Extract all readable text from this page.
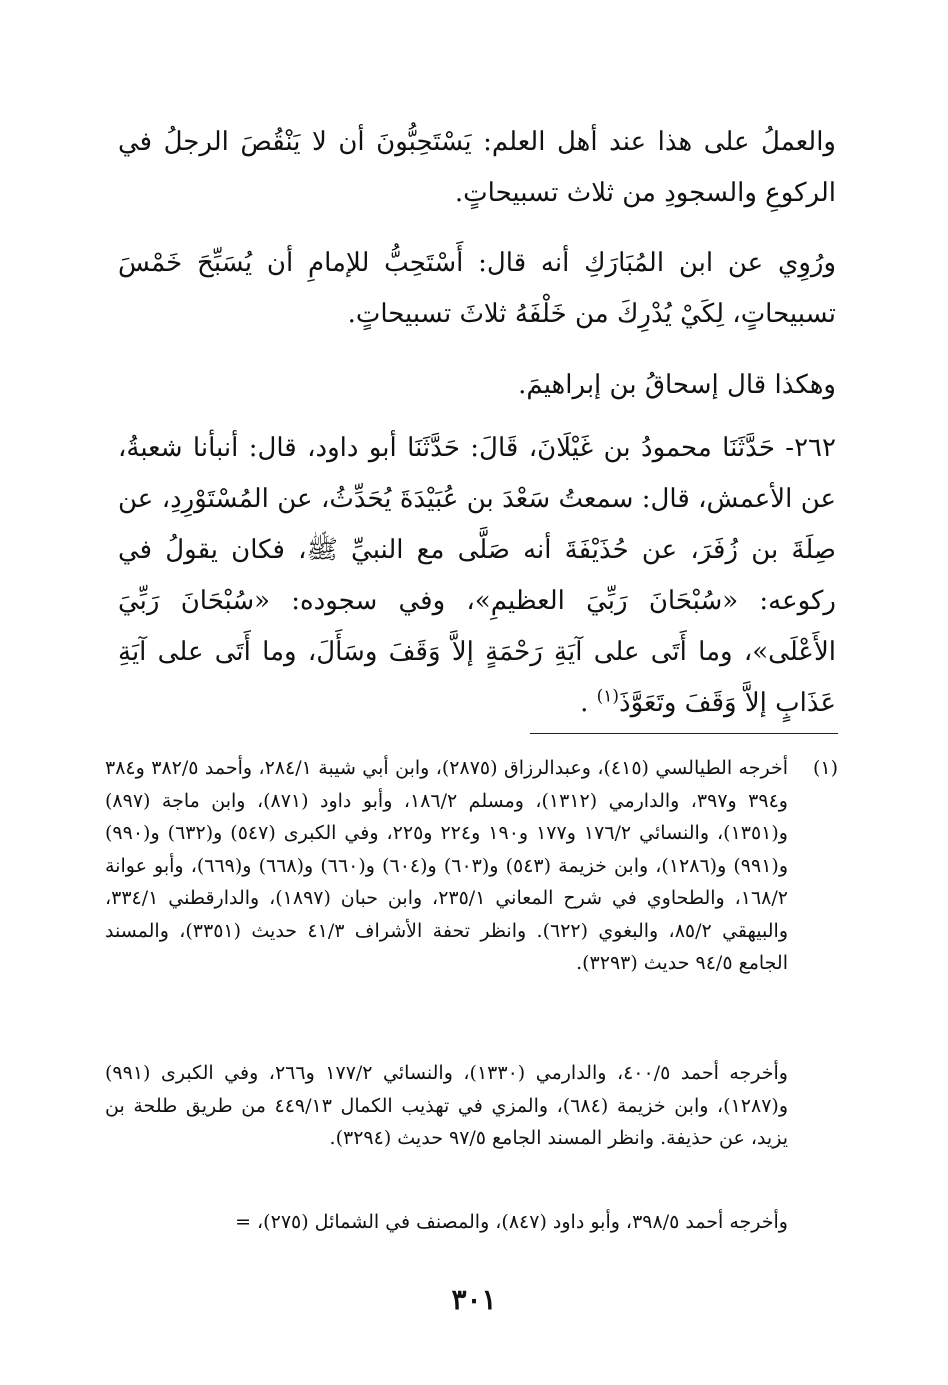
والعملُ على هذا عند أهل العلم: يَسْتَحِبُّونَ أن لا يَنْقُصَ الرجلُ في الركوعِ والسجودِ من ثلاث تسبيحاتٍ.

ورُوِي عن ابن المُبَارَكِ أنه قال: أَسْتَحِبُّ للإمامِ أن يُسَبِّحَ خَمْسَ تسبيحاتٍ، لِكَيْ يُدْرِكَ من خَلْفَهُ ثلاثَ تسبيحاتٍ.

وهكذا قال إسحاقُ بن إبراهيمَ.

٢٦٢- حَدَّثَنَا محمودُ بن غَيْلَانَ، قَالَ: حَدَّثَنَا أبو داود، قال: أنبأنا شعبةُ، عن الأعمش، قال: سمعتُ سَعْدَ بن عُبَيْدَةَ يُحَدِّثُ، عن المُسْتَوْرِدِ، عن صِلَةَ بن زُفَرَ، عن حُذَيْفَةَ أنه صَلَّى مع النبيِّ ﷺ، فكان يقولُ في ركوعه: «سُبْحَانَ رَبِّيَ العظيمِ»، وفي سجوده: «سُبْحَانَ رَبِّيَ الأَعْلَى»، وما أَتَى على آيَةِ رَحْمَةٍ إلاَّ وَقَفَ وسَأَلَ، وما أَتَى على آيَةِ عَذَابٍ إلاَّ وَقَفَ وتَعَوَّذَ$^{(١)}$ .

(١)
أخرجه الطيالسي (٤١٥)، وعبدالرزاق (٢٨٧٥)، وابن أبي شيبة ٢٨٤/١، وأحمد ٣٨٢/٥ و٣٨٤ و٣٩٤ و٣٩٧، والدارمي (١٣١٢)، ومسلم ١٨٦/٢، وأبو داود (٨٧١)، وابن ماجة (٨٩٧) و(١٣٥١)، والنسائي ١٧٦/٢ و١٧٧ و١٩٠ و٢٢٤ و٢٢٥، وفي الكبرى (٥٤٧) و(٦٣٢) و(٩٩٠) و(٩٩١) و(١٢٨٦)، وابن خزيمة (٥٤٣) و(٦٠٣) و(٦٠٤) و(٦٦٠) و(٦٦٨) و(٦٦٩)، وأبو عوانة ١٦٨/٢، والطحاوي في شرح المعاني ٢٣٥/١، وابن حبان (١٨٩٧)، والدارقطني ٣٣٤/١، والبيهقي ٨٥/٢، والبغوي (٦٢٢). وانظر تحفة الأشراف ٤١/٣ حديث (٣٣٥١)، والمسند الجامع ٩٤/٥ حديث (٣٢٩٣).
وأخرجه أحمد ٤٠٠/٥، والدارمي (١٣٣٠)، والنسائي ١٧٧/٢ و٢٦٦، وفي الكبرى (٩٩١) و(١٢٨٧)، وابن خزيمة (٦٨٤)، والمزي في تهذيب الكمال ٤٤٩/١٣ من طريق طلحة بن يزيد، عن حذيفة. وانظر المسند الجامع ٩٧/٥ حديث (٣٢٩٤).
وأخرجه أحمد ٣٩٨/٥، وأبو داود (٨٤٧)، والمصنف في الشمائل (٢٧٥)، =
٣٠١
